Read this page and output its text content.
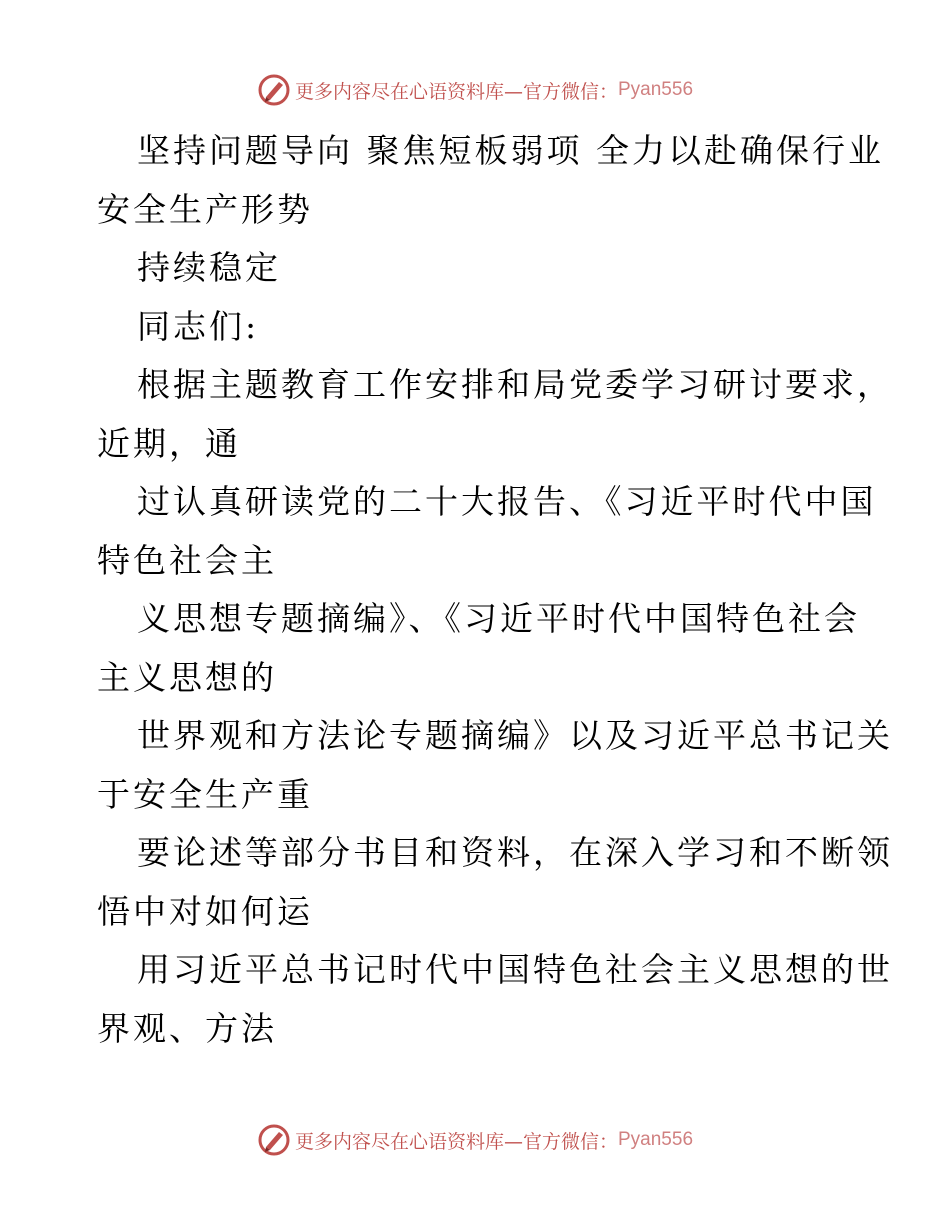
更多内容尽在心语资料库—官方微信： Pyan556

坚持问题导向 聚焦短板弱项 全力以赴确保行业

安全生产形势

持续稳定

同志们:

根据主题教育工作安排和局党委学习研讨要求，

近期，通

过认真研读党的二十大报告、《习近平时代中国

特色社会主

义思想专题摘编》、《习近平时代中国特色社会

主义思想的

世界观和方法论专题摘编》以及习近平总书记关

于安全生产重

要论述等部分书目和资料，在深入学习和不断领

悟中对如何运

用习近平总书记时代中国特色社会主义思想的世

界观、方法

更多内容尽在心语资料库—官方微信： Pyan556
